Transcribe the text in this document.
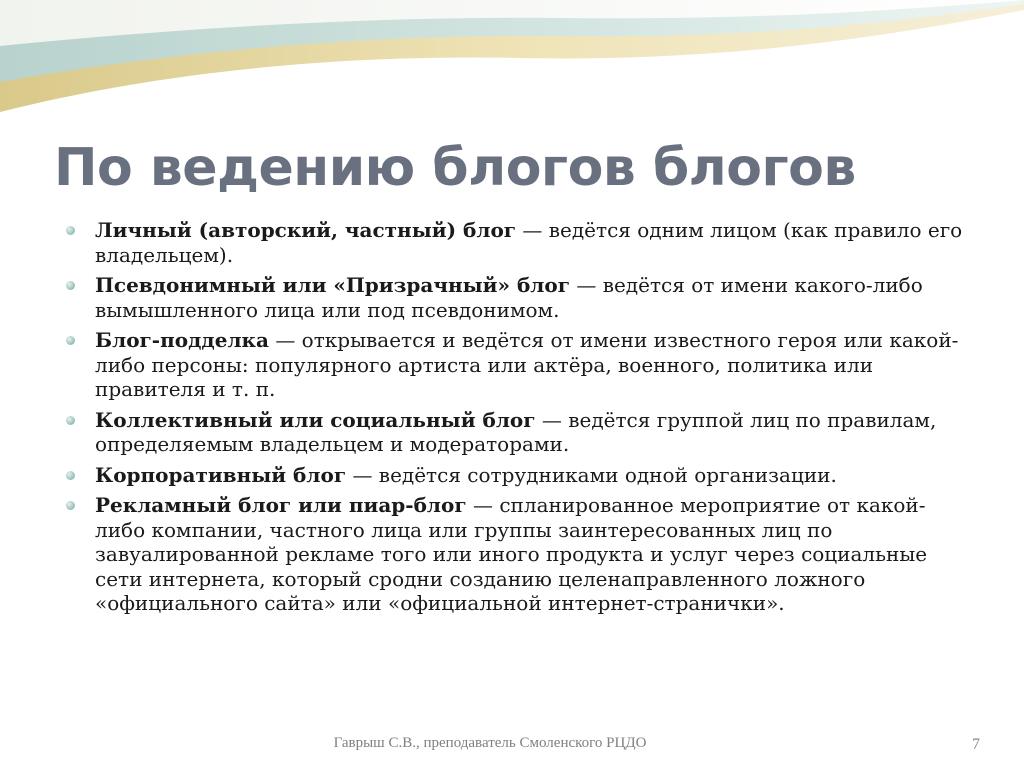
По ведению блогов блогов
Личный (авторский, частный) блог — ведётся одним лицом (как правило его владельцем).
Псевдонимный или «Призрачный» блог — ведётся от имени какого-либо вымышленного лица или под псевдонимом.
Блог-подделка — открывается и ведётся от имени известного героя или какой-либо персоны: популярного артиста или актёра, военного, политика или правителя и т. п.
Коллективный или социальный блог — ведётся группой лиц по правилам, определяемым владельцем и модераторами.
Корпоративный блог — ведётся сотрудниками одной организации.
Рекламный блог или пиар-блог — спланированное мероприятие от какой-либо компании, частного лица или группы заинтересованных лиц по завуалированной рекламе того или иного продукта и услуг через социальные сети интернета, который сродни созданию целенаправленного ложного «официального сайта» или «официальной интернет-странички».
Гаврыш С.В., преподаватель Смоленского РЦДО	7
